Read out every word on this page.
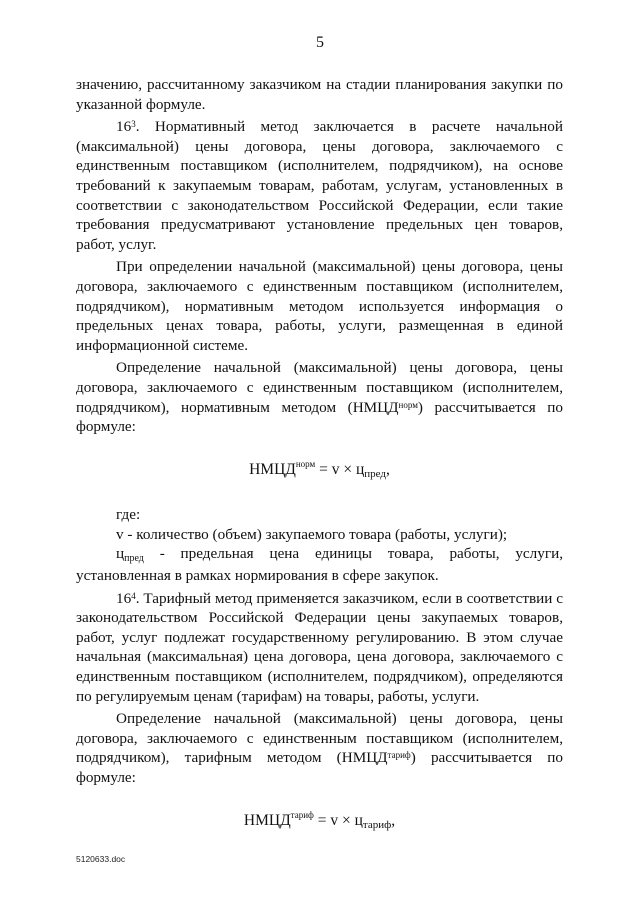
5

значению, рассчитанному заказчиком на стадии планирования закупки по указанной формуле.

$16^3$. Нормативный метод заключается в расчете начальной (максимальной) цены договора, цены договора, заключаемого с единственным поставщиком (исполнителем, подрядчиком), на основе требований к закупаемым товарам, работам, услугам, установленных в соответствии с законодательством Российской Федерации, если такие требования предусматривают установление предельных цен товаров, работ, услуг.

При определении начальной (максимальной) цены договора, цены договора, заключаемого с единственным поставщиком (исполнителем, подрядчиком), нормативным методом используется информация о предельных ценах товара, работы, услуги, размещенная в единой информационной системе.

Определение начальной (максимальной) цены договора, цены договора, заключаемого с единственным поставщиком (исполнителем, подрядчиком), нормативным методом $(НМЦД^{норм})$ рассчитывается по формуле:

$НМЦД^{норм} = v$ × цпред,
где:
v - количество (объем) закупаемого товара (работы, услуги);
цпред - предельная цена единицы товара, работы, услуги,

установленная в рамках нормирования в сфере закупок.

$16^4$. Тарифный метод применяется заказчиком, если в соответствии с законодательством Российской Федерации цены закупаемых товаров, работ, услуг подлежат государственному регулированию. В этом случае начальная (максимальная) цена договора, цена договора, заключаемого с единственным поставщиком (исполнителем, подрядчиком), определяются по регулируемым ценам (тарифам) на товары, работы, услуги.

Определение начальной (максимальной) цены договора, цены договора, заключаемого с единственным поставщиком (исполнителем, подрядчиком), тарифным методом $(НМЦД^{тариф})$ рассчитывается по формуле:

$НМЦД^{тариф} = v$ × цтариф,
5120633.doc
